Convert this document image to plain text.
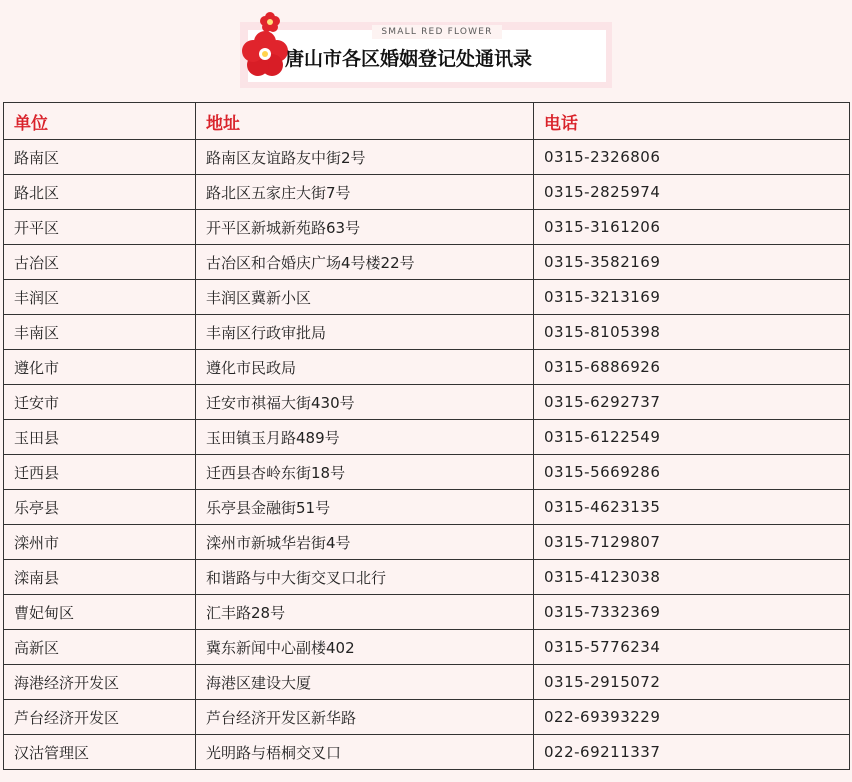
SMALL RED FLOWER
唐山市各区婚姻登记处通讯录
单位	地址	电话
路南区	路南区友谊路友中街2号	0315-2326806
路北区	路北区五家庄大街7号	0315-2825974
开平区	开平区新城新苑路63号	0315-3161206
古冶区	古冶区和合婚庆广场4号楼22号	0315-3582169
丰润区	丰润区冀新小区	0315-3213169
丰南区	丰南区行政审批局	0315-8105398
遵化市	遵化市民政局	0315-6886926
迁安市	迁安市祺福大街430号	0315-6292737
玉田县	玉田镇玉月路489号	0315-6122549
迁西县	迁西县杏岭东街18号	0315-5669286
乐亭县	乐亭县金融街51号	0315-4623135
滦州市	滦州市新城华岩街4号	0315-7129807
滦南县	和谐路与中大街交叉口北行	0315-4123038
曹妃甸区	汇丰路28号	0315-7332369
高新区	冀东新闻中心副楼402	0315-5776234
海港经济开发区	海港区建设大厦	0315-2915072
芦台经济开发区	芦台经济开发区新华路	022-69393229
汉沽管理区	光明路与梧桐交叉口	022-69211337
